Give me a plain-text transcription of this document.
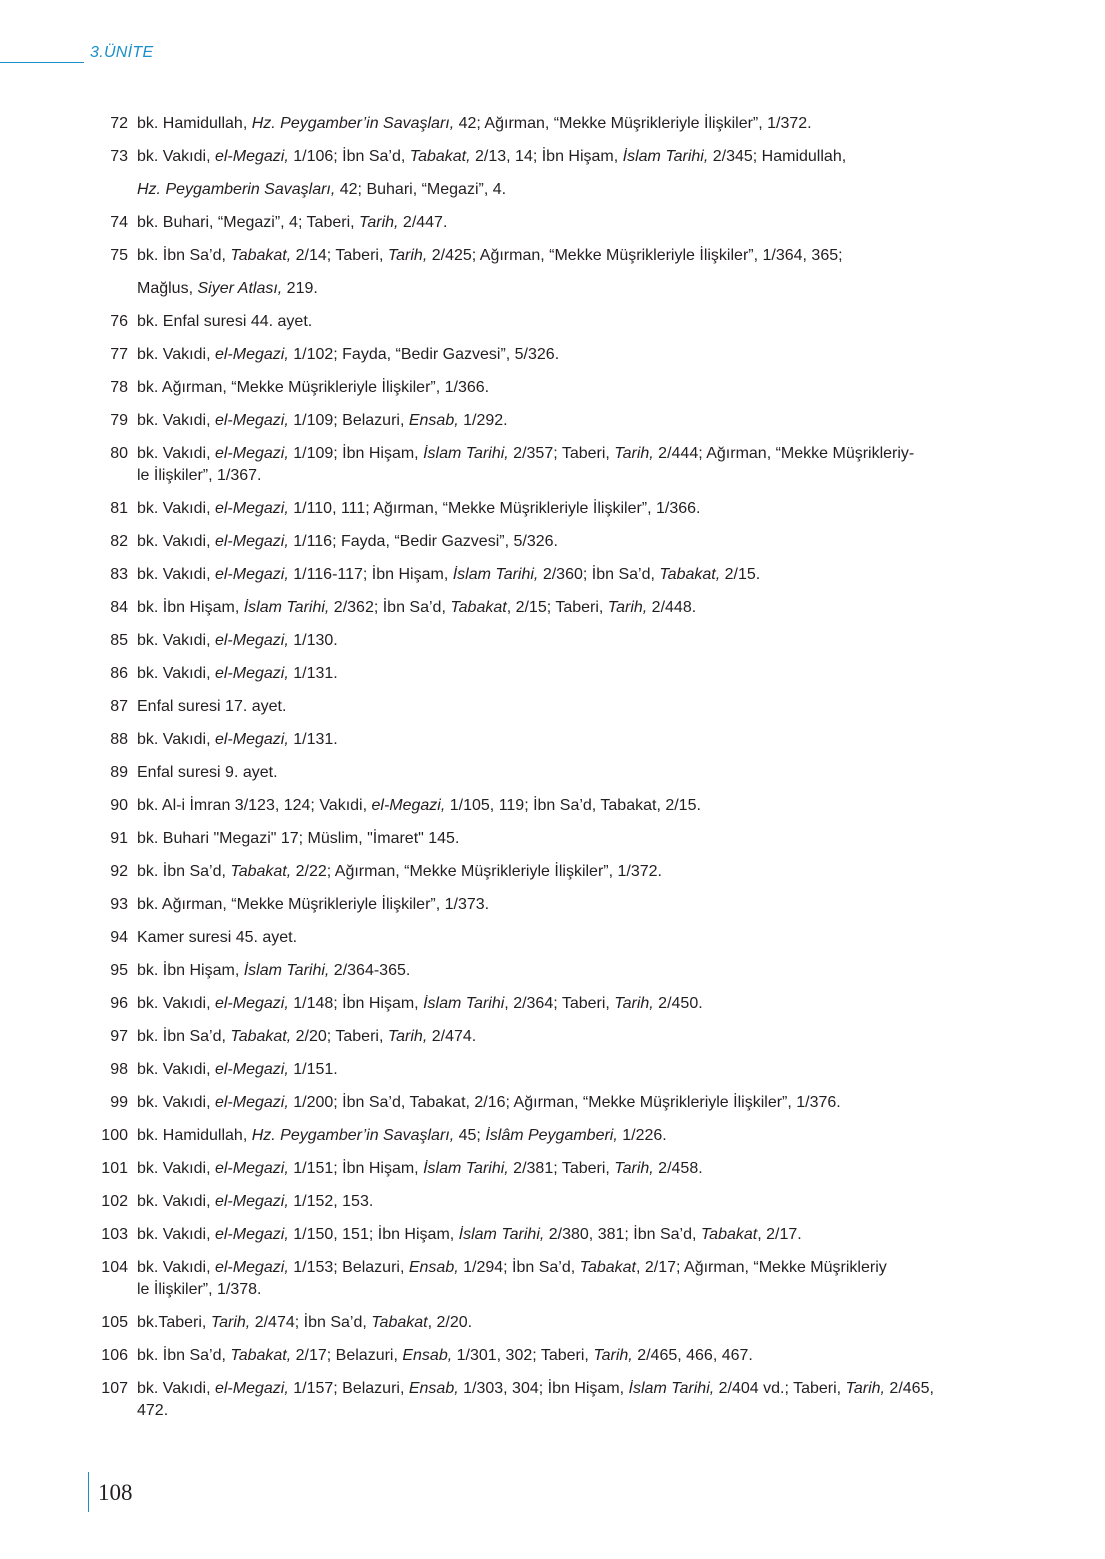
3.ÜNİTE
72 bk. Hamidullah, Hz. Peygamber’in Savaşları, 42; Ağırman, “Mekke Müşrikleriyle İlişkiler”, 1/372.
73 bk. Vakıdi, el-Megazi, 1/106; İbn Sa’d, Tabakat, 2/13, 14; İbn Hişam, İslam Tarihi, 2/345; Hamidullah,
Hz. Peygamberin Savaşları, 42; Buhari, “Megazi”, 4.
74 bk. Buhari, “Megazi”, 4; Taberi, Tarih, 2/447.
75 bk. İbn Sa’d, Tabakat, 2/14; Taberi, Tarih, 2/425; Ağırman, “Mekke Müşrikleriyle İlişkiler”, 1/364, 365;
Mağlus, Siyer Atlası, 219.
76 bk. Enfal suresi 44. ayet.
77 bk. Vakıdi, el-Megazi, 1/102; Fayda, “Bedir Gazvesi”, 5/326.
78 bk. Ağırman, “Mekke Müşrikleriyle İlişkiler”, 1/366.
79 bk. Vakıdi, el-Megazi, 1/109; Belazuri, Ensab, 1/292.
80 bk. Vakıdi, el-Megazi, 1/109; İbn Hişam, İslam Tarihi, 2/357; Taberi, Tarih, 2/444; Ağırman, “Mekke Müşrikleriy-
le İlişkiler”, 1/367.
81 bk. Vakıdi, el-Megazi, 1/110, 111; Ağırman, “Mekke Müşrikleriyle İlişkiler”, 1/366.
82 bk. Vakıdi, el-Megazi, 1/116; Fayda, “Bedir Gazvesi”, 5/326.
83 bk. Vakıdi, el-Megazi, 1/116-117; İbn Hişam, İslam Tarihi, 2/360; İbn Sa’d, Tabakat, 2/15.
84 bk. İbn Hişam, İslam Tarihi, 2/362; İbn Sa’d, Tabakat, 2/15; Taberi, Tarih, 2/448.
85 bk. Vakıdi, el-Megazi, 1/130.
86 bk. Vakıdi, el-Megazi, 1/131.
87 Enfal suresi 17. ayet.
88 bk. Vakıdi, el-Megazi, 1/131.
89 Enfal suresi 9. ayet.
90 bk. Al-i İmran 3/123, 124; Vakıdi, el-Megazi, 1/105, 119; İbn Sa’d, Tabakat, 2/15.
91 bk. Buhari "Megazi" 17; Müslim, "İmaret" 145.
92 bk. İbn Sa’d, Tabakat, 2/22; Ağırman, “Mekke Müşrikleriyle İlişkiler”, 1/372.
93 bk. Ağırman, “Mekke Müşrikleriyle İlişkiler”, 1/373.
94 Kamer suresi 45. ayet.
95 bk. İbn Hişam, İslam Tarihi, 2/364-365.
96 bk. Vakıdi, el-Megazi, 1/148; İbn Hişam, İslam Tarihi, 2/364; Taberi, Tarih, 2/450.
97 bk. İbn Sa’d, Tabakat, 2/20; Taberi, Tarih, 2/474.
98 bk. Vakıdi, el-Megazi, 1/151.
99 bk. Vakıdi, el-Megazi, 1/200; İbn Sa’d, Tabakat, 2/16; Ağırman, “Mekke Müşrikleriyle İlişkiler”, 1/376.
100 bk. Hamidullah, Hz. Peygamber’in Savaşları, 45; İslâm Peygamberi, 1/226.
101 bk. Vakıdi, el-Megazi, 1/151; İbn Hişam, İslam Tarihi, 2/381; Taberi, Tarih, 2/458.
102 bk. Vakıdi, el-Megazi, 1/152, 153.
103 bk. Vakıdi, el-Megazi, 1/150, 151; İbn Hişam, İslam Tarihi, 2/380, 381; İbn Sa’d, Tabakat, 2/17.
104 bk. Vakıdi, el-Megazi, 1/153; Belazuri, Ensab, 1/294; İbn Sa’d, Tabakat, 2/17; Ağırman, “Mekke Müşrikleriy
le İlişkiler”, 1/378.
105 bk.Taberi, Tarih, 2/474; İbn Sa’d, Tabakat, 2/20.
106 bk. İbn Sa’d, Tabakat, 2/17; Belazuri, Ensab, 1/301, 302; Taberi, Tarih, 2/465, 466, 467.
107 bk. Vakıdi, el-Megazi, 1/157; Belazuri, Ensab, 1/303, 304; İbn Hişam, İslam Tarihi, 2/404 vd.; Taberi, Tarih, 2/465,
472.
108
